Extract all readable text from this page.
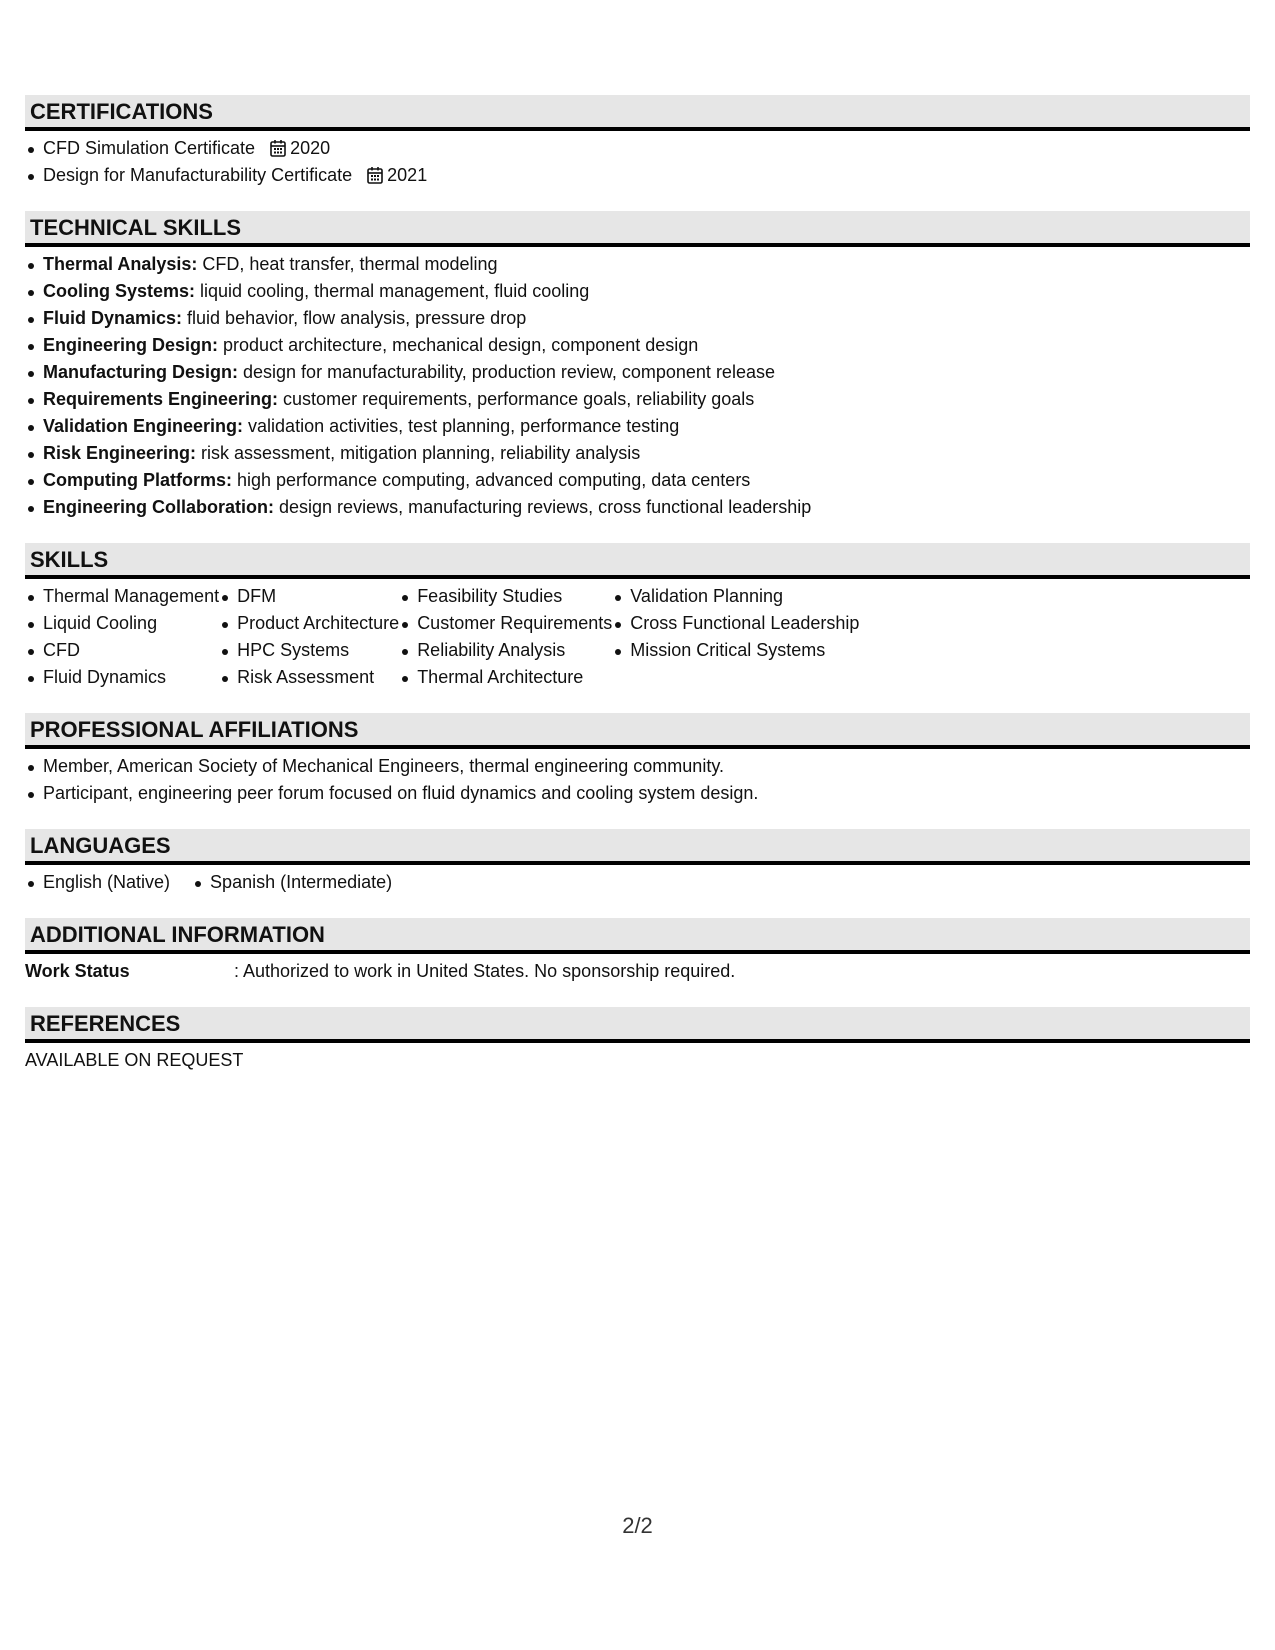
CERTIFICATIONS
CFD Simulation Certificate 2020
Design for Manufacturability Certificate 2021
TECHNICAL SKILLS
Thermal Analysis: CFD, heat transfer, thermal modeling
Cooling Systems: liquid cooling, thermal management, fluid cooling
Fluid Dynamics: fluid behavior, flow analysis, pressure drop
Engineering Design: product architecture, mechanical design, component design
Manufacturing Design: design for manufacturability, production review, component release
Requirements Engineering: customer requirements, performance goals, reliability goals
Validation Engineering: validation activities, test planning, performance testing
Risk Engineering: risk assessment, mitigation planning, reliability analysis
Computing Platforms: high performance computing, advanced computing, data centers
Engineering Collaboration: design reviews, manufacturing reviews, cross functional leadership
SKILLS
Thermal Management
Liquid Cooling
CFD
Fluid Dynamics
DFM
Product Architecture
HPC Systems
Risk Assessment
Feasibility Studies
Customer Requirements
Reliability Analysis
Thermal Architecture
Validation Planning
Cross Functional Leadership
Mission Critical Systems
PROFESSIONAL AFFILIATIONS
Member, American Society of Mechanical Engineers, thermal engineering community.
Participant, engineering peer forum focused on fluid dynamics and cooling system design.
LANGUAGES
English (Native)	Spanish (Intermediate)
ADDITIONAL INFORMATION
Work Status	: Authorized to work in United States. No sponsorship required.
REFERENCES
AVAILABLE ON REQUEST
2/2
